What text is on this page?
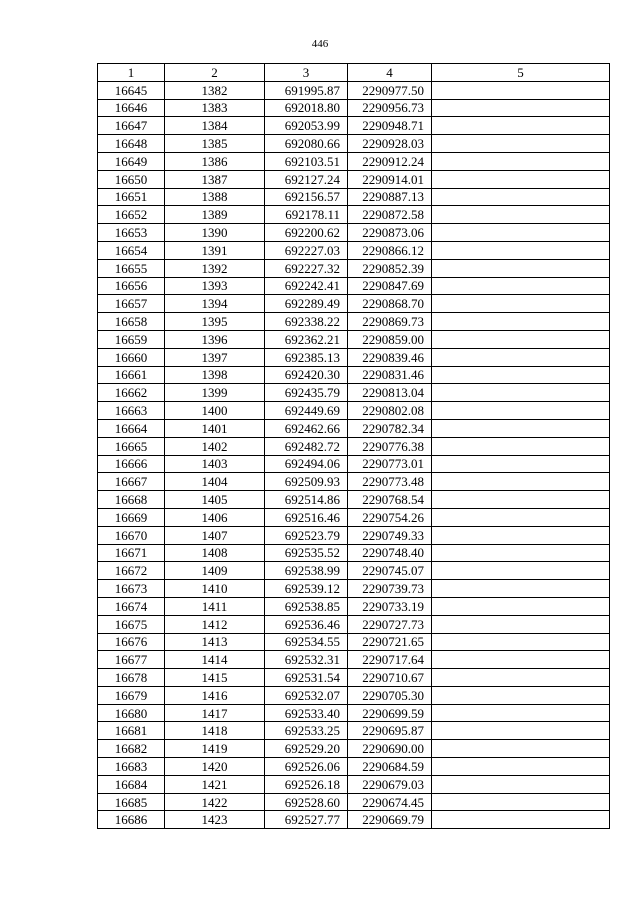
446
1	2	3	4	5
16645	1382	691995.87	2290977.50	
16646	1383	692018.80	2290956.73	
16647	1384	692053.99	2290948.71	
16648	1385	692080.66	2290928.03	
16649	1386	692103.51	2290912.24	
16650	1387	692127.24	2290914.01	
16651	1388	692156.57	2290887.13	
16652	1389	692178.11	2290872.58	
16653	1390	692200.62	2290873.06	
16654	1391	692227.03	2290866.12	
16655	1392	692227.32	2290852.39	
16656	1393	692242.41	2290847.69	
16657	1394	692289.49	2290868.70	
16658	1395	692338.22	2290869.73	
16659	1396	692362.21	2290859.00	
16660	1397	692385.13	2290839.46	
16661	1398	692420.30	2290831.46	
16662	1399	692435.79	2290813.04	
16663	1400	692449.69	2290802.08	
16664	1401	692462.66	2290782.34	
16665	1402	692482.72	2290776.38	
16666	1403	692494.06	2290773.01	
16667	1404	692509.93	2290773.48	
16668	1405	692514.86	2290768.54	
16669	1406	692516.46	2290754.26	
16670	1407	692523.79	2290749.33	
16671	1408	692535.52	2290748.40	
16672	1409	692538.99	2290745.07	
16673	1410	692539.12	2290739.73	
16674	1411	692538.85	2290733.19	
16675	1412	692536.46	2290727.73	
16676	1413	692534.55	2290721.65	
16677	1414	692532.31	2290717.64	
16678	1415	692531.54	2290710.67	
16679	1416	692532.07	2290705.30	
16680	1417	692533.40	2290699.59	
16681	1418	692533.25	2290695.87	
16682	1419	692529.20	2290690.00	
16683	1420	692526.06	2290684.59	
16684	1421	692526.18	2290679.03	
16685	1422	692528.60	2290674.45	
16686	1423	692527.77	2290669.79	
